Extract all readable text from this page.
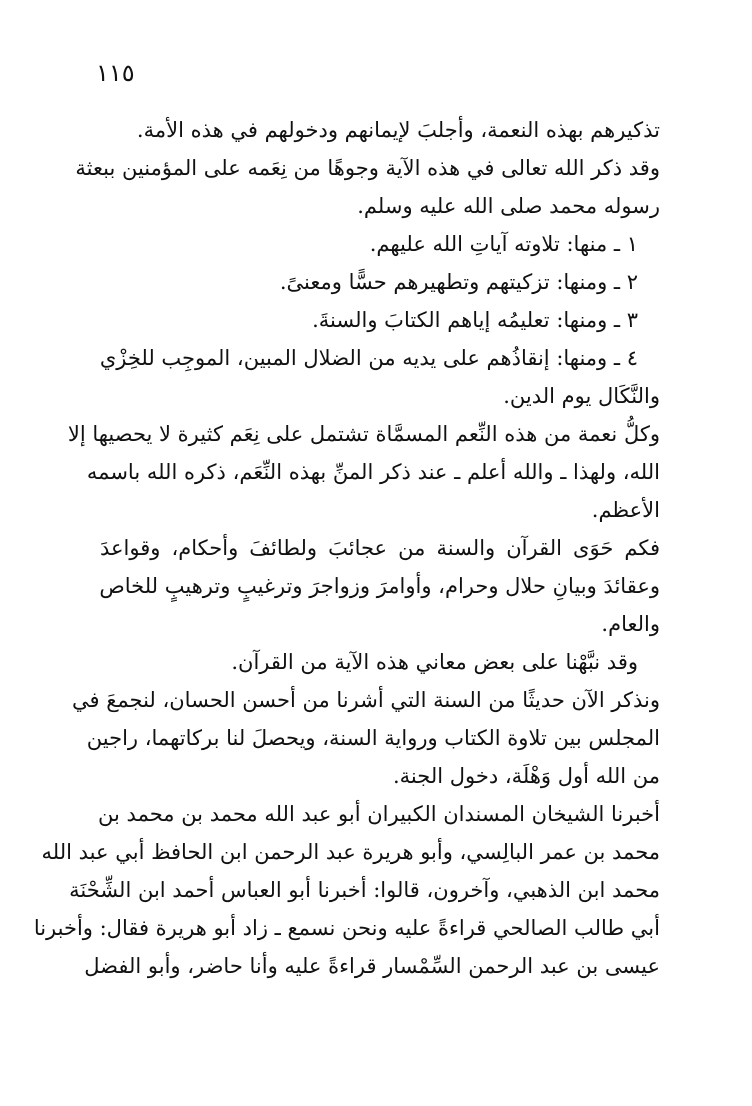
١١٥
تذكيرهم بهذه النعمة، وأجلبَ لإيمانهم ودخولهم في هذه الأمة.
وقد ذكر الله تعالى في هذه الآية وجوهًا من نِعَمه على المؤمنين ببعثة
رسوله محمد صلى الله عليه وسلم.
١ ـ منها: تلاوته آياتِ الله عليهم.
٢ ـ ومنها: تزكيتهم وتطهيرهم حسًّا ومعنىً.
٣ ـ ومنها: تعليمُه إياهم الكتابَ والسنةَ.
٤ ـ ومنها: إنقاذُهم على يديه من الضلال المبين، الموجِب للخِزْي
والنَّكَال يوم الدين.
وكلُّ نعمة من هذه النِّعم المسمَّاة تشتمل على نِعَم كثيرة لا يحصيها إلا
الله، ولهذا ـ والله أعلم ـ عند ذكر المنِّ بهذه النِّعَم، ذكره الله باسمه
الأعظم.
فكم حَوَى القرآن والسنة من عجائبَ ولطائفَ وأحكام، وقواعدَ
وعقائدَ وبيانِ حلال وحرام، وأوامرَ وزواجرَ وترغيبٍ وترهيبٍ للخاص
والعام.
وقد نبَّهْنا على بعض معاني هذه الآية من القرآن.
ونذكر الآن حديثًا من السنة التي أشرنا من أحسن الحسان، لنجمعَ في
المجلس بين تلاوة الكتاب ورواية السنة، ويحصلَ لنا بركاتهما، راجين
من الله أول وَهْلَة، دخول الجنة.
أخبرنا الشيخان المسندان الكبيران أبو عبد الله محمد بن محمد بن
محمد بن عمر البالِسي، وأبو هريرة عبد الرحمن ابن الحافظ أبي عبد الله
محمد ابن الذهبي، وآخرون، قالوا: أخبرنا أبو العباس أحمد ابن الشِّحْنَة
أبي طالب الصالحي قراءةً عليه ونحن نسمع ـ زاد أبو هريرة فقال: وأخبرنا
عيسى بن عبد الرحمن السِّمْسار قراءةً عليه وأنا حاضر، وأبو الفضل
